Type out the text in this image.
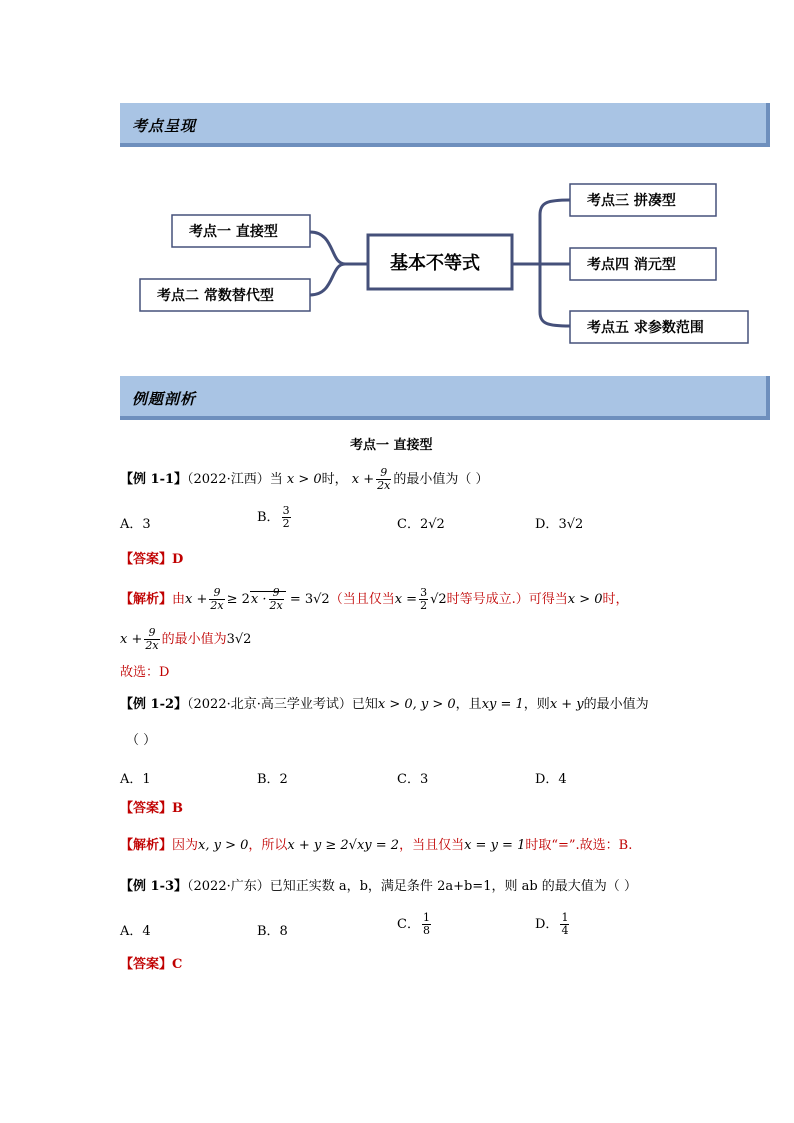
考点呈现
考点一 直接型
考点二 常数替代型
考点三 拼凑型
考点四 消元型
考点五 求参数范围
基本不等式
例题剖析
考点一 直接型
【例 1-1】（2022·江西）当 x > 0时， $x + \frac{9}{2x}$ 的最小值为（ ）
A．3	B． $\frac{3}{2}$	C．2√2	D．3√2
【答案】D
【解析】由$x + \frac{9}{2x} \ge 2x \cdot \frac{9}{2x} = 3√2$（当且仅当$x = \frac{3}{2} √2$时等号成立.）可得当x > 0时，
$x + \frac{9}{2x}$ 的最小值为3√2
故选：D
【例 1-2】（2022·北京·高三学业考试）已知x > 0, y > 0，且xy = 1，则x + y的最小值为
（ ）
A．1	B．2	C．3	D．4
【答案】B
【解析】因为x, y > 0，所以x + y ≥ 2√xy = 2，当且仅当x = y = 1时取“=”.故选：B.
【例 1-3】（2022·广东）已知正实数 a，b，满足条件 2a+b=1，则 ab 的最大值为（ ）
A．4	B．8	C． $\frac{1}{8}$	D． $\frac{1}{4}$
【答案】C
